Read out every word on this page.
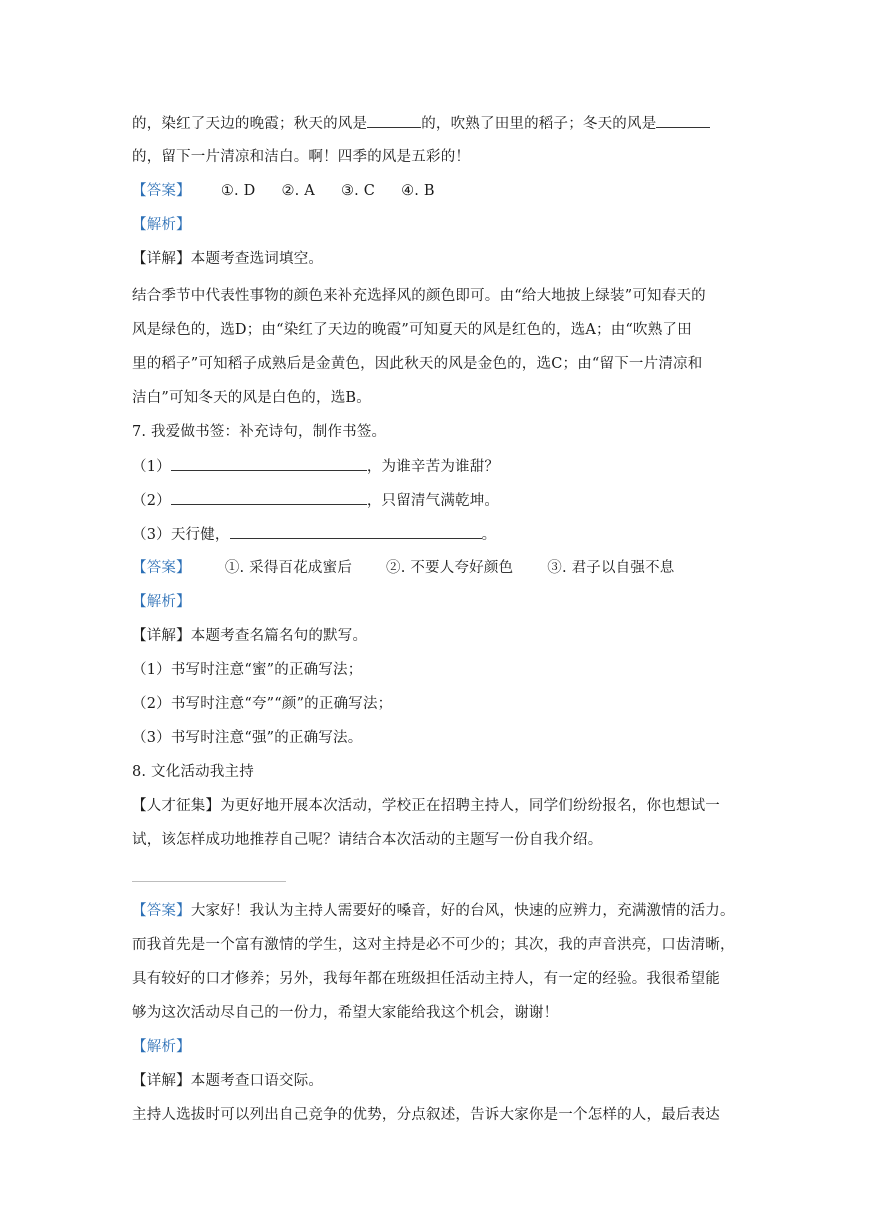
的，染红了天边的晚霞；秋天的风是	的，吹熟了田里的稻子；冬天的风是
的，留下一片清凉和洁白。啊！四季的风是五彩的！
【答案】 ①. D ②. A ③. C ④. B
【解析】
【详解】本题考查选词填空。
结合季节中代表性事物的颜色来补充选择风的颜色即可。由“给大地披上绿装”可知春天的
风是绿色的，选D；由“染红了天边的晚霞”可知夏天的风是红色的，选A；由“吹熟了田
里的稻子”可知稻子成熟后是金黄色，因此秋天的风是金色的，选C；由“留下一片清凉和
洁白”可知冬天的风是白色的，选B。
7. 我爱做书签：补充诗句，制作书签。
（1）	，为谁辛苦为谁甜？
（2）	，只留清气满乾坤。
（3）天行健，	。
【答案】 ①. 采得百花成蜜后 ②. 不要人夸好颜色 ③. 君子以自强不息
【解析】
【详解】本题考查名篇名句的默写。
（1）书写时注意“蜜”的正确写法；
（2）书写时注意“夸”“颜”的正确写法；
（3）书写时注意“强”的正确写法。
8. 文化活动我主持
【人才征集】为更好地开展本次活动，学校正在招聘主持人，同学们纷纷报名，你也想试一
试，该怎样成功地推荐自己呢？请结合本次活动的主题写一份自我介绍。
【答案】大家好！我认为主持人需要好的嗓音，好的台风，快速的应辨力，充满激情的活力。
而我首先是一个富有激情的学生，这对主持是必不可少的；其次，我的声音洪亮，口齿清晰，
具有较好的口才修养；另外，我每年都在班级担任活动主持人，有一定的经验。我很希望能
够为这次活动尽自己的一份力，希望大家能给我这个机会，谢谢！
【解析】
【详解】本题考查口语交际。
主持人选拔时可以列出自己竞争的优势，分点叙述，告诉大家你是一个怎样的人，最后表达
